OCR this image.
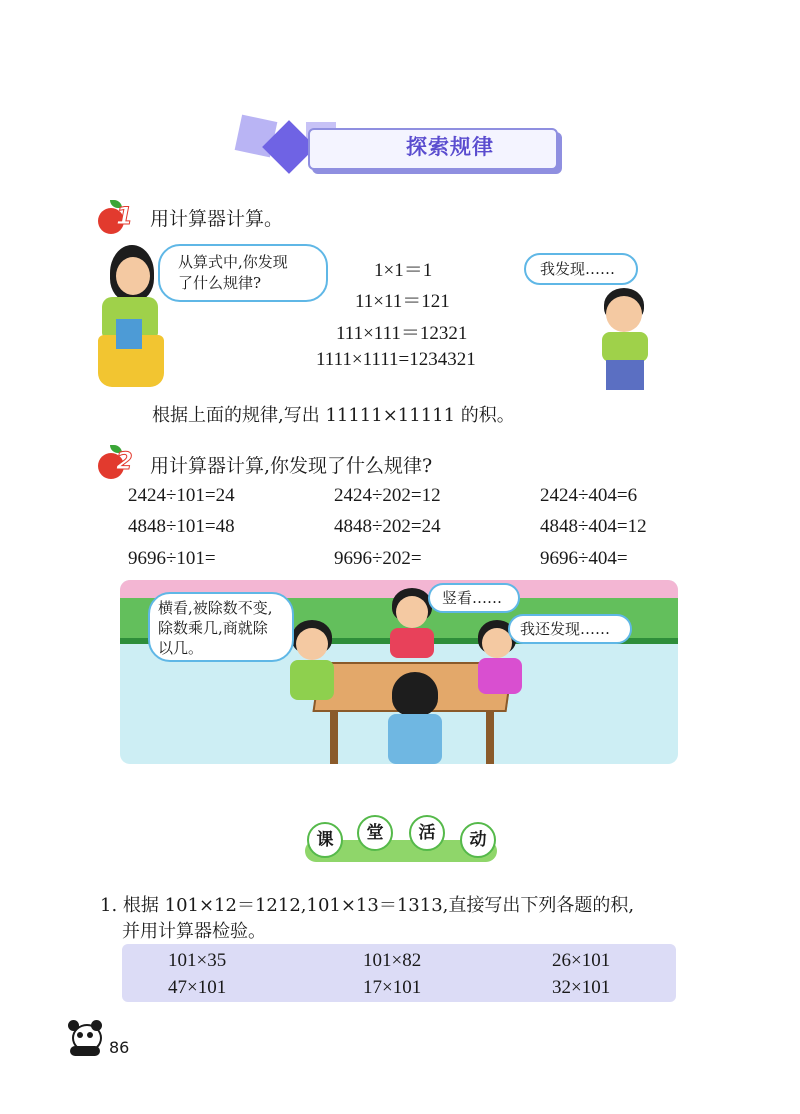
探索规律
1 用计算器计算。
从算式中,你发现
了什么规律?
1×1＝1
11×11＝121
111×111＝12321
1111×1111=1234321
我发现……
根据上面的规律,写出 11111×11111 的积。
2 用计算器计算,你发现了什么规律?
2424÷101=24	2424÷202=12	2424÷404=6
4848÷101=48	4848÷202=24	4848÷404=12
9696÷101=	9696÷202=	9696÷404=
横看,被除数不变,
除数乘几,商就除
以几。
竖看……
我还发现……
课	堂	活	动
1. 根据 101×12＝1212,101×13＝1313,直接写出下列各题的积,
并用计算器检验。
101×35	101×82	26×101
47×101	17×101	32×101
86
